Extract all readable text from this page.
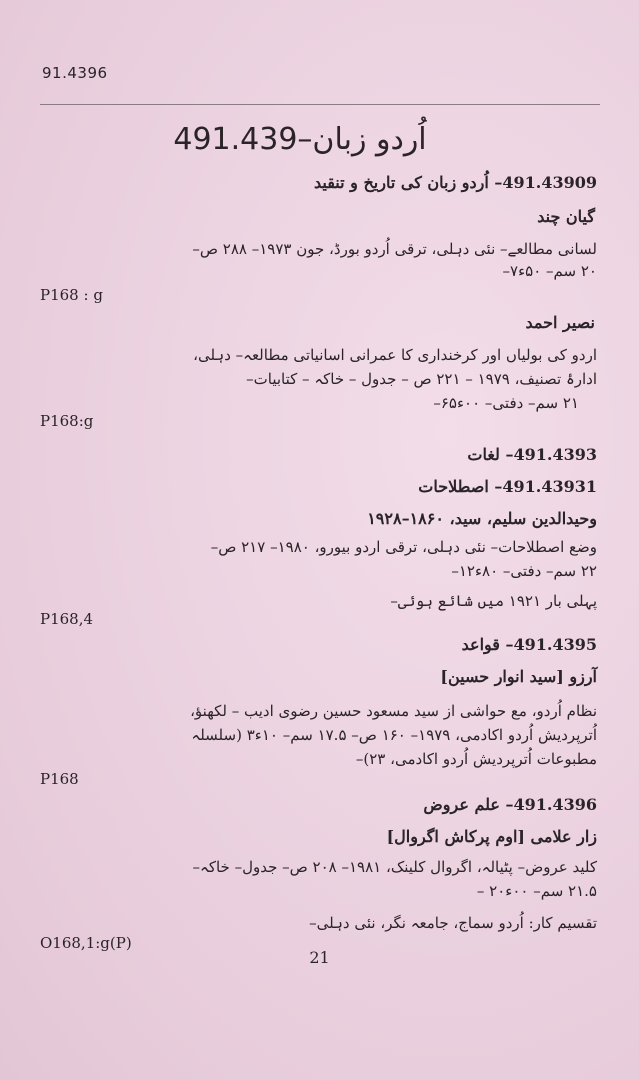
91.4396
491.439–اُردو زبان
491.43909– اُردو زبان کی تاریخ و تنقید
گیان چند
لسانی مطالعے– نئی دہلی، ترقی اُردو بورڈ، جون ۱۹۷۳– ۲۸۸ ص–
۲۰ سم– ۵۰ء۷–
P168 : g
نصیر احمد
اردو کی بولیاں اور کرخنداری کا عمرانی اسانیاتی مطالعہ– دہلی،
ادارۂ تصنیف، ۱۹۷۹ – ۲۲۱ ص – جدول – خاکہ – کتابیات–
۲۱ سم– دفتی– ۰۰ء۶۵–
P168:g
491.4393– لغات
491.43931– اصطلاحات
وحیدالدین سلیم، سید، ۱۸۶۰–۱۹۲۸
وضع اصطلاحات– نئی دہلی، ترقی اردو بیورو، ۱۹۸۰– ۲۱۷ ص–
۲۲ سم– دفتی– ۸۰ء۱۲–
پہلی بار ۱۹۲۱ میں شائع ہوئی–
P168,4
491.4395– قواعد
آرزو [سید انوار حسین]
نظام اُردو، مع حواشی از سید مسعود حسین رضوی ادیب – لکھنؤ،
اُترپردیش اُردو اکادمی، ۱۹۷۹– ۱۶۰ ص– ۱۷.۵ سم– ۱۰ء۳ (سلسلہ
مطبوعات اُترپردیش اُردو اکادمی، ۲۳)–
P168
491.4396– علم عروض
زار علامی [اوم پرکاش اگروال]
کلید عروض– پٹیالہ، اگروال کلینک، ۱۹۸۱– ۲۰۸ ص– جدول– خاکہ–
۲۱.۵ سم– ۰۰ء۲۰ –
تقسیم کار: اُردو سماج، جامعہ نگر، نئی دہلی–
O168,1:g(P)
21
